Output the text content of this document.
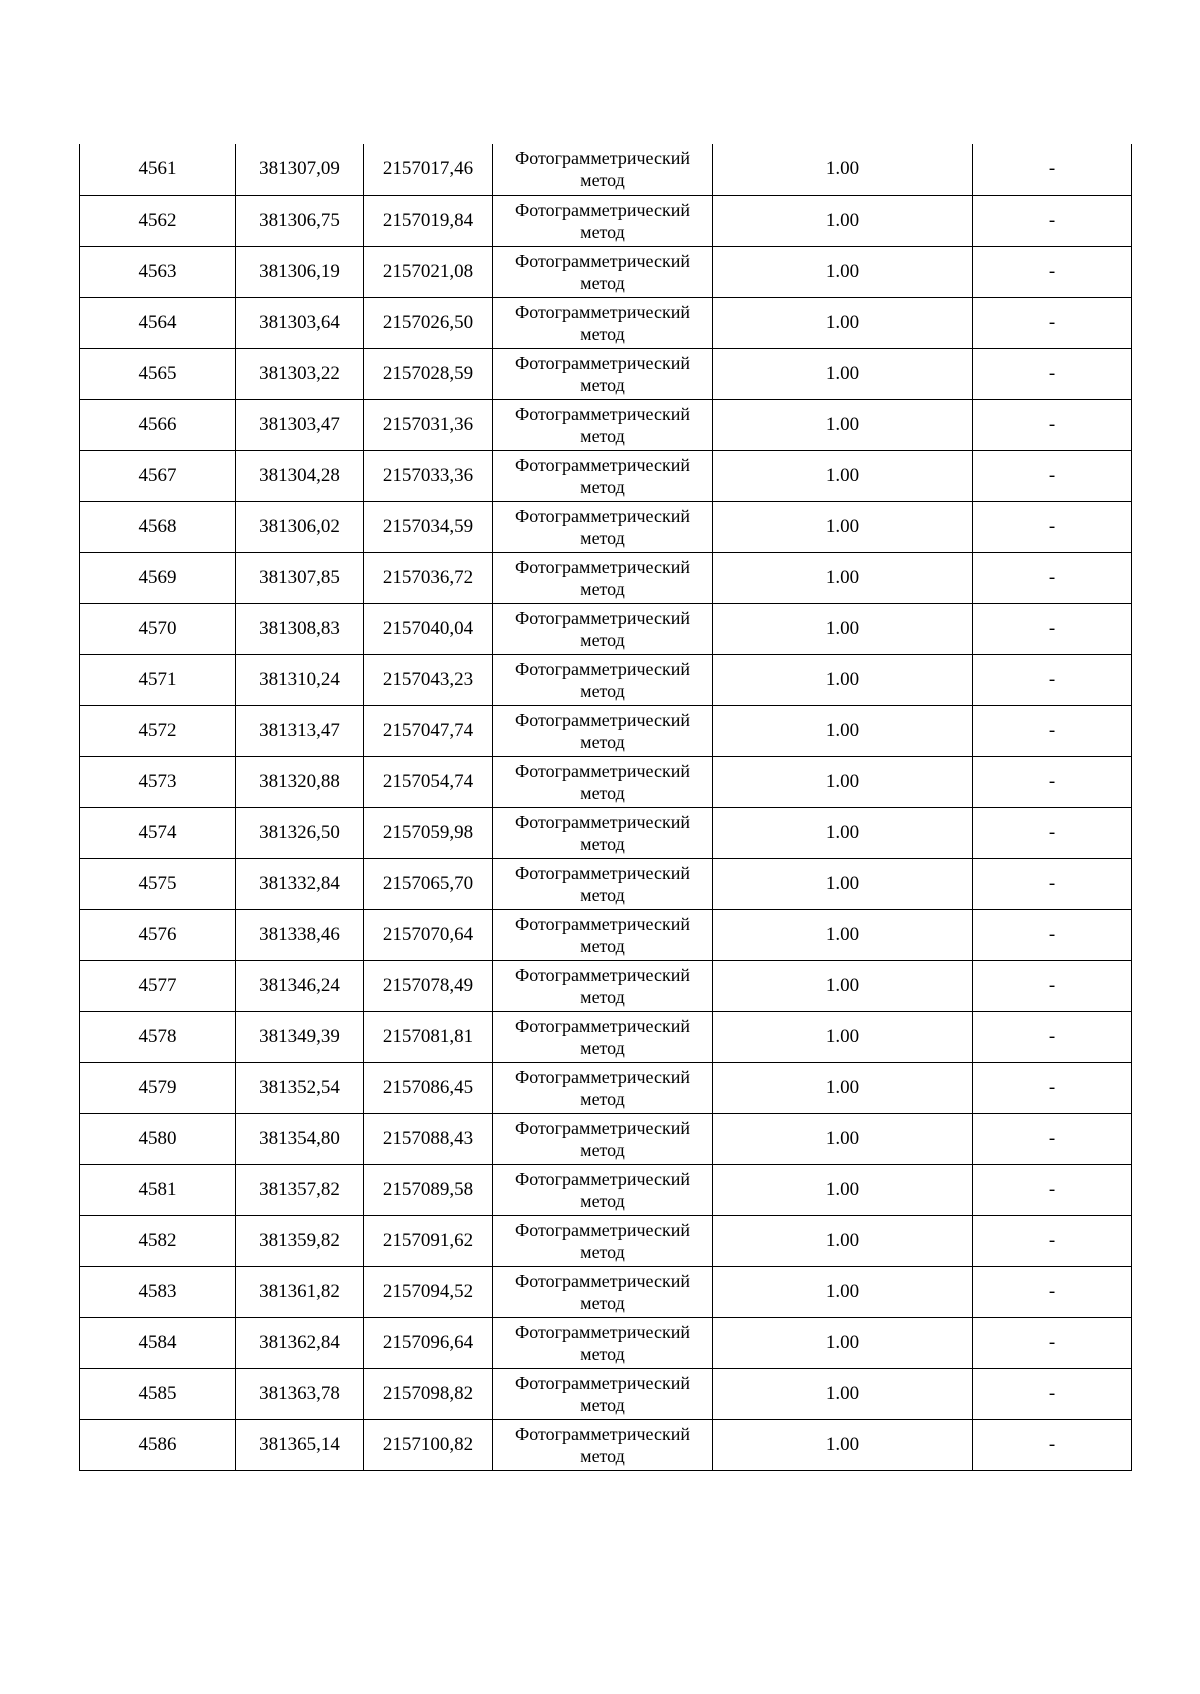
4561	381307,09	2157017,46	Фотограмметрический
метод	1.00	-
4562	381306,75	2157019,84	Фотограмметрический
метод	1.00	-
4563	381306,19	2157021,08	Фотограмметрический
метод	1.00	-
4564	381303,64	2157026,50	Фотограмметрический
метод	1.00	-
4565	381303,22	2157028,59	Фотограмметрический
метод	1.00	-
4566	381303,47	2157031,36	Фотограмметрический
метод	1.00	-
4567	381304,28	2157033,36	Фотограмметрический
метод	1.00	-
4568	381306,02	2157034,59	Фотограмметрический
метод	1.00	-
4569	381307,85	2157036,72	Фотограмметрический
метод	1.00	-
4570	381308,83	2157040,04	Фотограмметрический
метод	1.00	-
4571	381310,24	2157043,23	Фотограмметрический
метод	1.00	-
4572	381313,47	2157047,74	Фотограмметрический
метод	1.00	-
4573	381320,88	2157054,74	Фотограмметрический
метод	1.00	-
4574	381326,50	2157059,98	Фотограмметрический
метод	1.00	-
4575	381332,84	2157065,70	Фотограмметрический
метод	1.00	-
4576	381338,46	2157070,64	Фотограмметрический
метод	1.00	-
4577	381346,24	2157078,49	Фотограмметрический
метод	1.00	-
4578	381349,39	2157081,81	Фотограмметрический
метод	1.00	-
4579	381352,54	2157086,45	Фотограмметрический
метод	1.00	-
4580	381354,80	2157088,43	Фотограмметрический
метод	1.00	-
4581	381357,82	2157089,58	Фотограмметрический
метод	1.00	-
4582	381359,82	2157091,62	Фотограмметрический
метод	1.00	-
4583	381361,82	2157094,52	Фотограмметрический
метод	1.00	-
4584	381362,84	2157096,64	Фотограмметрический
метод	1.00	-
4585	381363,78	2157098,82	Фотограмметрический
метод	1.00	-
4586	381365,14	2157100,82	Фотограмметрический
метод	1.00	-
